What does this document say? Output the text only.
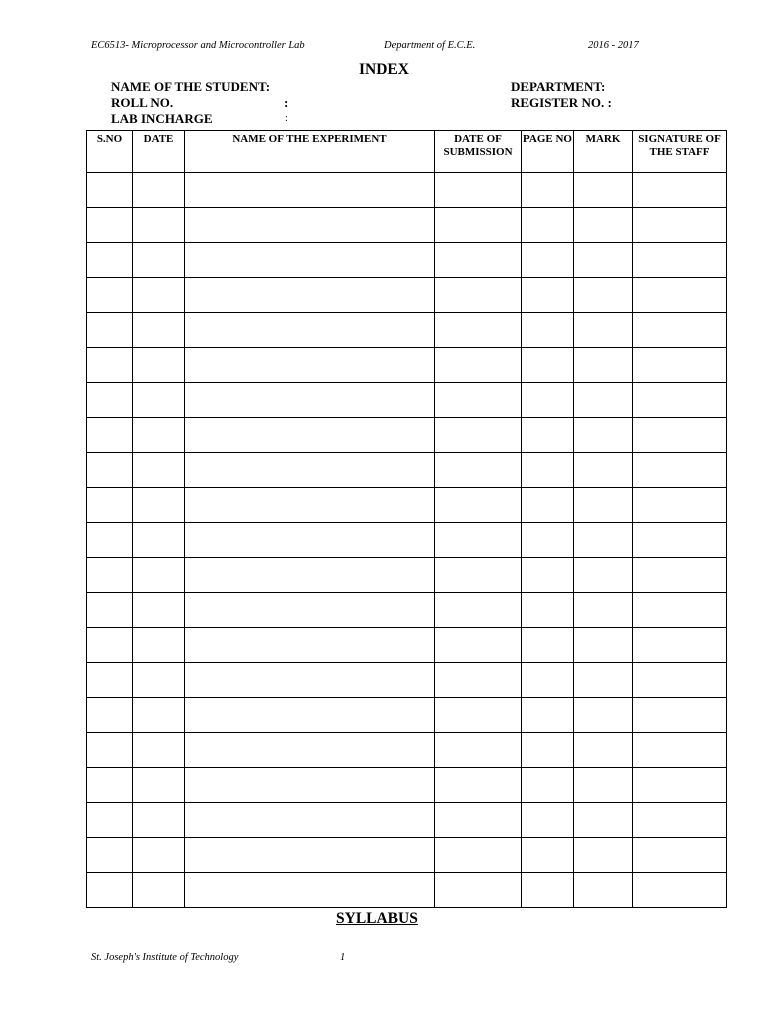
EC6513- Microprocessor and Microcontroller Lab	Department of E.C.E.	2016 - 2017
INDEX
NAME OF THE STUDENT:	DEPARTMENT:
ROLL NO.	:	REGISTER NO. :
LAB INCHARGE	:
S.NO	DATE	NAME OF THE EXPERIMENT	DATE OF SUBMISSION	PAGE NO	MARK	SIGNATURE OF THE STAFF

SYLLABUS
St. Joseph's Institute of Technology	1
